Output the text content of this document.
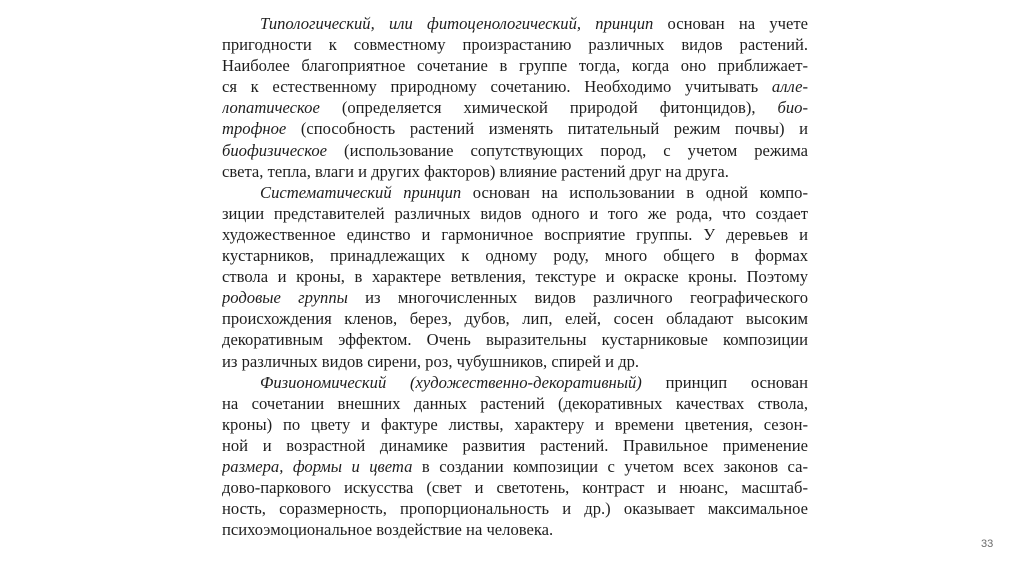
Типологический, или фитоценологический, принцип основан на учете
пригодности к совместному произрастанию различных видов растений.
Наиболее благоприятное сочетание в группе тогда, когда оно приближает-
ся к естественному природному сочетанию. Необходимо учитывать алле-
лопатическое (определяется химической природой фитонцидов), био-
трофное (способность растений изменять питательный режим почвы) и
биофизическое (использование сопутствующих пород, с учетом режима
света, тепла, влаги и других факторов) влияние растений друг на друга.
Систематический принцип основан на использовании в одной компо-
зиции представителей различных видов одного и того же рода, что создает
художественное единство и гармоничное восприятие группы. У деревьев и
кустарников, принадлежащих к одному роду, много общего в формах
ствола и кроны, в характере ветвления, текстуре и окраске кроны. Поэтому
родовые группы из многочисленных видов различного географического
происхождения кленов, берез, дубов, лип, елей, сосен обладают высоким
декоративным эффектом. Очень выразительны кустарниковые композиции
из различных видов сирени, роз, чубушников, спирей и др.
Физиономический (художественно-декоративный) принцип основан
на сочетании внешних данных растений (декоративных качествах ствола,
кроны) по цвету и фактуре листвы, характеру и времени цветения, сезон-
ной и возрастной динамике развития растений. Правильное применение
размера, формы и цвета в создании композиции с учетом всех законов са-
дово-паркового искусства (свет и светотень, контраст и нюанс, масштаб-
ность, соразмерность, пропорциональность и др.) оказывает максимальное
психоэмоциональное воздействие на человека.
33
